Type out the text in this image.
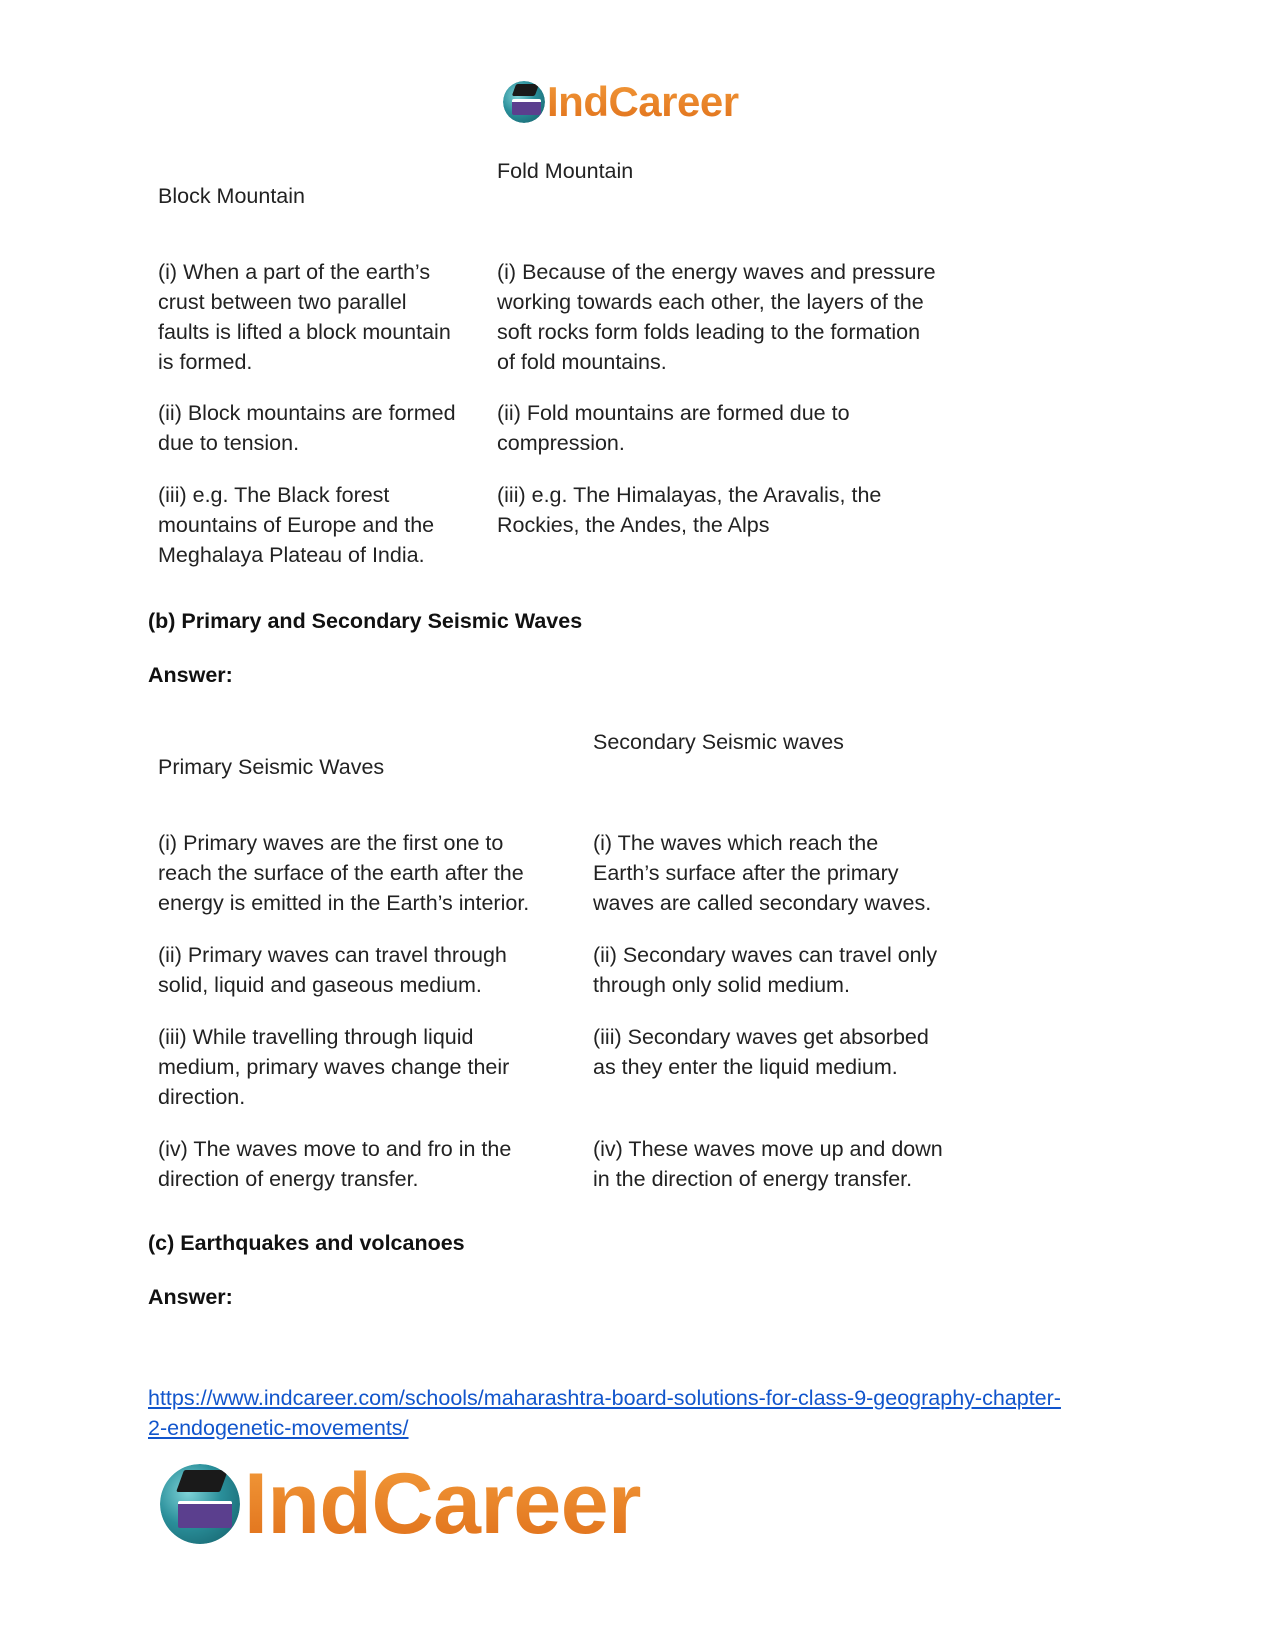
IndCareer
Block Mountain
Fold Mountain
(i) When a part of the earth’s
crust between two parallel
faults is lifted a block mountain
is formed.
(i) Because of the energy waves and pressure
working towards each other, the layers of the
soft rocks form folds leading to the formation
of fold mountains.
(ii) Block mountains are formed
due to tension.
(ii) Fold mountains are formed due to
compression.
(iii) e.g. The Black forest
mountains of Europe and the
Meghalaya Plateau of India.
(iii) e.g. The Himalayas, the Aravalis, the
Rockies, the Andes, the Alps
(b) Primary and Secondary Seismic Waves
Answer:
Primary Seismic Waves
Secondary Seismic waves
(i) Primary waves are the first one to
reach the surface of the earth after the
energy is emitted in the Earth’s interior.
(i) The waves which reach the
Earth’s surface after the primary
waves are called secondary waves.
(ii) Primary waves can travel through
solid, liquid and gaseous medium.
(ii) Secondary waves can travel only
through only solid medium.
(iii) While travelling through liquid
medium, primary waves change their
direction.
(iii) Secondary waves get absorbed
as they enter the liquid medium.
(iv) The waves move to and fro in the
direction of energy transfer.
(iv) These waves move up and down
in the direction of energy transfer.
(c) Earthquakes and volcanoes
Answer:
https://www.indcareer.com/schools/maharashtra-board-solutions-for-class-9-geography-chapter-
2-endogenetic-movements/
IndCareer
